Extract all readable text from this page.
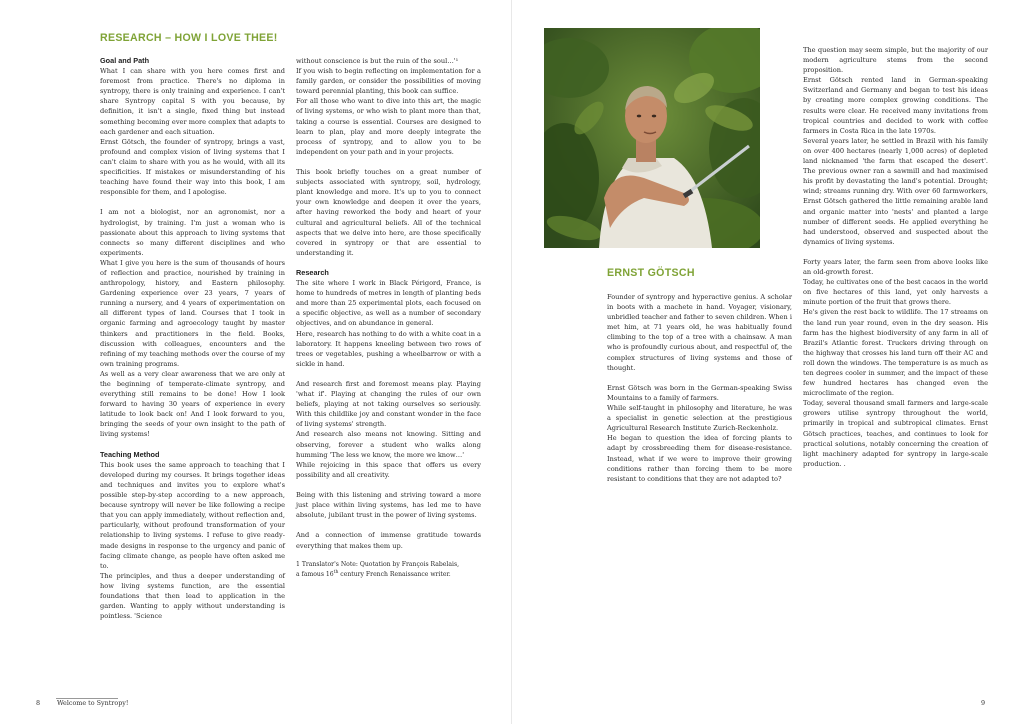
RESEARCH – HOW I LOVE THEE!
Goal and Path

What I can share with you here comes first and foremost from practice. There's no diploma in syntropy, there is only training and experience. I can't share Syntropy capital S with you because, by definition, it isn't a single, fixed thing but instead something becoming ever more complex that adapts to each gardener and each situation.

Ernst Götsch, the founder of syntropy, brings a vast, profound and complex vision of living systems that I can't claim to share with you as he would, with all its specificities. If mistakes or misunderstanding of his teaching have found their way into this book, I am responsible for them, and I apologise.

I am not a biologist, nor an agronomist, nor a hydrologist, by training. I'm just a woman who is passionate about this approach to living systems that connects so many different disciplines and who experiments.

What I give you here is the sum of thousands of hours of reflection and practice, nourished by training in anthropology, history, and Eastern philosophy. Gardening experience over 23 years, 7 years of running a nursery, and 4 years of experimentation on all different types of land. Courses that I took in organic farming and agroecology taught by master thinkers and practitioners in the field. Books, discussion with colleagues, encounters and the refining of my teaching methods over the course of my own training programs.

As well as a very clear awareness that we are only at the beginning of temperate-climate syntropy, and everything still remains to be done! How I look forward to having 30 years of experience in every latitude to look back on! And I look forward to you, bringing the seeds of your own insight to the path of living systems!

Teaching Method

This book uses the same approach to teaching that I developed during my courses. It brings together ideas and techniques and invites you to explore what's possible step-by-step according to a new approach, because syntropy will never be like following a recipe that you can apply immediately, without reflection and, particularly, without profound transformation of your relationship to living systems. I refuse to give ready-made designs in response to the urgency and panic of facing climate change, as people have often asked me to.

The principles, and thus a deeper understanding of how living systems function, are the essential foundations that then lead to application in the garden. Wanting to apply without understanding is pointless. 'Science

without conscience is but the ruin of the soul…'¹

If you wish to begin reflecting on implementation for a family garden, or consider the possibilities of moving toward perennial planting, this book can suffice.

For all those who want to dive into this art, the magic of living systems, or who wish to plant more than that, taking a course is essential. Courses are designed to learn to plan, play and more deeply integrate the process of syntropy, and to allow you to be independent on your path and in your projects.

This book briefly touches on a great number of subjects associated with syntropy, soil, hydrology, plant knowledge and more. It's up to you to connect your own knowledge and deepen it over the years, after having reworked the body and heart of your cultural and agricultural beliefs. All of the technical aspects that we delve into here, are those specifically covered in syntropy or that are essential to understanding it.

Research

The site where I work in Black Périgord, France, is home to hundreds of metres in length of planting beds and more than 25 experimental plots, each focused on a specific objective, as well as a number of secondary objectives, and on abundance in general.

Here, research has nothing to do with a white coat in a laboratory. It happens kneeling between two rows of trees or vegetables, pushing a wheelbarrow or with a sickle in hand.

And research first and foremost means play. Playing 'what if'. Playing at changing the rules of our own beliefs, playing at not taking ourselves so seriously. With this childlike joy and constant wonder in the face of living systems' strength.

And research also means not knowing. Sitting and observing, forever a student who walks along humming 'The less we know, the more we know…'

While rejoicing in this space that offers us every possibility and all creativity.

Being with this listening and striving toward a more just place within living systems, has led me to have absolute, jubilant trust in the power of living systems.

And a connection of immense gratitude towards everything that makes them up.

1 Translator's Note: Quotation by François Rabelais,
a famous 16th century French Renaissance writer.
8	Welcome to Syntropy!
ERNST GÖTSCH

Founder of syntropy and hyperactive genius. A scholar in boots with a machete in hand. Voyager, visionary, unbridled teacher and father to seven children. When i met him, at 71 years old, he was habitually found climbing to the top of a tree with a chainsaw. A man who is profoundly curious about, and respectful of, the complex structures of living systems and those of thought.

Ernst Götsch was born in the German-speaking Swiss Mountains to a family of farmers.

While self-taught in philosophy and literature, he was a specialist in genetic selection at the prestigious Agricultural Research Institute Zurich-Reckenholz.

He began to question the idea of forcing plants to adapt by crossbreeding them for disease-resistance. Instead, what if we were to improve their growing conditions rather than forcing them to be more resistant to conditions that they are not adapted to?

The question may seem simple, but the majority of our modern agriculture stems from the second proposition.

Ernst Götsch rented land in German-speaking Switzerland and Germany and began to test his ideas by creating more complex growing conditions. The results were clear. He received many invitations from tropical countries and decided to work with coffee farmers in Costa Rica in the late 1970s.

Several years later, he settled in Brazil with his family on over 400 hectares (nearly 1,000 acres) of depleted land nicknamed 'the farm that escaped the desert'. The previous owner ran a sawmill and had maximised his profit by devastating the land's potential. Drought; wind; streams running dry. With over 60 farmworkers, Ernst Götsch gathered the little remaining arable land and organic matter into 'nests' and planted a large number of different seeds. He applied everything he had understood, observed and suspected about the dynamics of living systems.

Forty years later, the farm seen from above looks like an old-growth forest.

Today, he cultivates one of the best cacaos in the world on five hectares of this land, yet only harvests a minute portion of the fruit that grows there.

He's given the rest back to wildlife. The 17 streams on the land run year round, even in the dry season. His farm has the highest biodiversity of any farm in all of Brazil's Atlantic forest. Truckers driving through on the highway that crosses his land turn off their AC and roll down the windows. The temperature is as much as ten degrees cooler in summer, and the impact of these few hundred hectares has changed even the microclimate of the region.

Today, several thousand small farmers and large-scale growers utilise syntropy throughout the world, primarily in tropical and subtropical climates. Ernst Götsch practices, teaches, and continues to look for practical solutions, notably concerning the creation of light machinery adapted for syntropy in large-scale production. .

9
